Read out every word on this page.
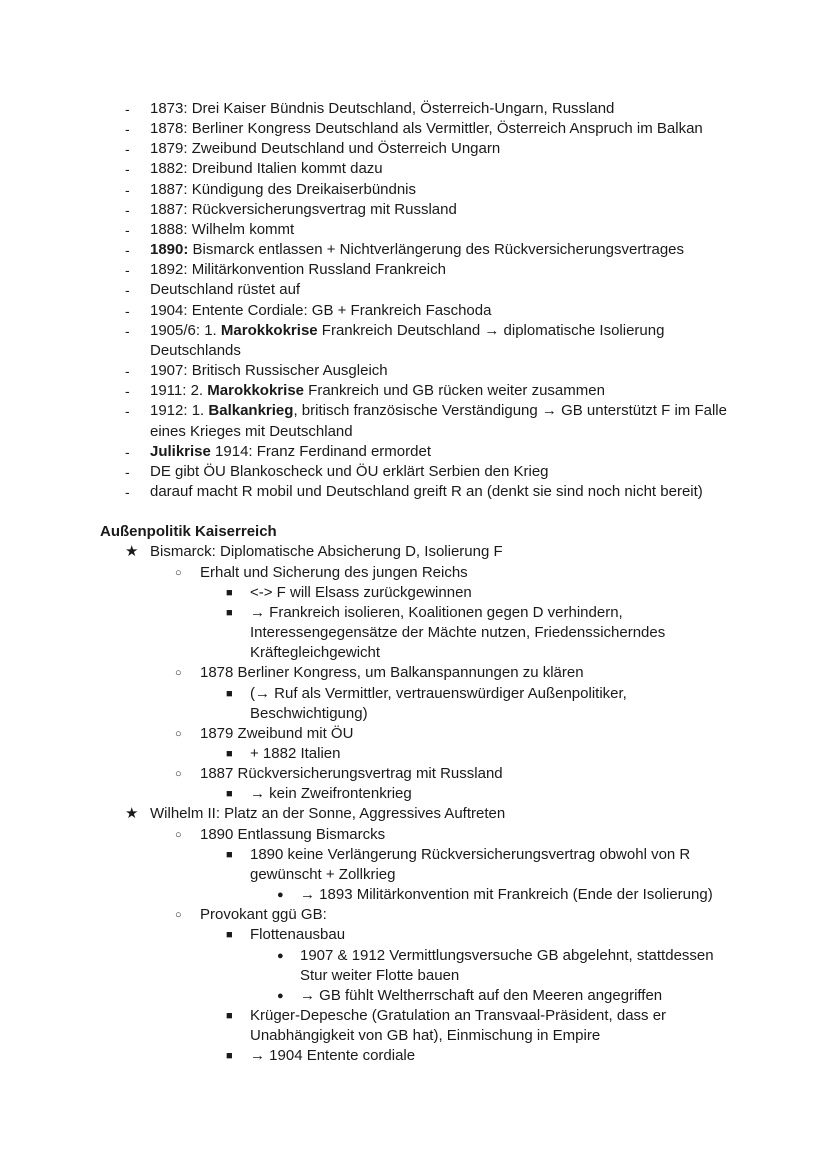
- 1873: Drei Kaiser Bündnis Deutschland, Österreich-Ungarn, Russland
- 1878: Berliner Kongress Deutschland als Vermittler, Österreich Anspruch im Balkan
- 1879: Zweibund Deutschland und Österreich Ungarn
- 1882: Dreibund Italien kommt dazu
- 1887: Kündigung des Dreikaiserbündnis
- 1887: Rückversicherungsvertrag mit Russland
- 1888: Wilhelm kommt
- 1890: Bismarck entlassen + Nichtverlängerung des Rückversicherungsvertrages
- 1892: Militärkonvention Russland Frankreich
- Deutschland rüstet auf
- 1904: Entente Cordiale: GB + Frankreich Faschoda
- 1905/6: 1. Marokkokrise Frankreich Deutschland → diplomatische Isolierung
Deutschlands
- 1907: Britisch Russischer Ausgleich
- 1911: 2. Marokkokrise Frankreich und GB rücken weiter zusammen
- 1912: 1. Balkankrieg, britisch französische Verständigung → GB unterstützt F im Falle
eines Krieges mit Deutschland
- Julikrise 1914: Franz Ferdinand ermordet
- DE gibt ÖU Blankoscheck und ÖU erklärt Serbien den Krieg
- darauf macht R mobil und Deutschland greift R an (denkt sie sind noch nicht bereit)
Außenpolitik Kaiserreich
★ Bismarck: Diplomatische Absicherung D, Isolierung F
○ Erhalt und Sicherung des jungen Reichs
■ <-> F will Elsass zurückgewinnen
■ → Frankreich isolieren, Koalitionen gegen D verhindern,
Interessengegensätze der Mächte nutzen, Friedenssicherndes
Kräftegleichgewicht
○ 1878 Berliner Kongress, um Balkanspannungen zu klären
■ (→ Ruf als Vermittler, vertrauenswürdiger Außenpolitiker,
Beschwichtigung)
○ 1879 Zweibund mit ÖU
■ + 1882 Italien
○ 1887 Rückversicherungsvertrag mit Russland
■ → kein Zweifrontenkrieg
★ Wilhelm II: Platz an der Sonne, Aggressives Auftreten
○ 1890 Entlassung Bismarcks
■ 1890 keine Verlängerung Rückversicherungsvertrag obwohl von R
gewünscht + Zollkrieg
● → 1893 Militärkonvention mit Frankreich (Ende der Isolierung)
○ Provokant ggü GB:
■ Flottenausbau
● 1907 & 1912 Vermittlungsversuche GB abgelehnt, stattdessen
Stur weiter Flotte bauen
● → GB fühlt Weltherrschaft auf den Meeren angegriffen
■ Krüger-Depesche (Gratulation an Transvaal-Präsident, dass er
Unabhängigkeit von GB hat), Einmischung in Empire
■ → 1904 Entente cordiale
